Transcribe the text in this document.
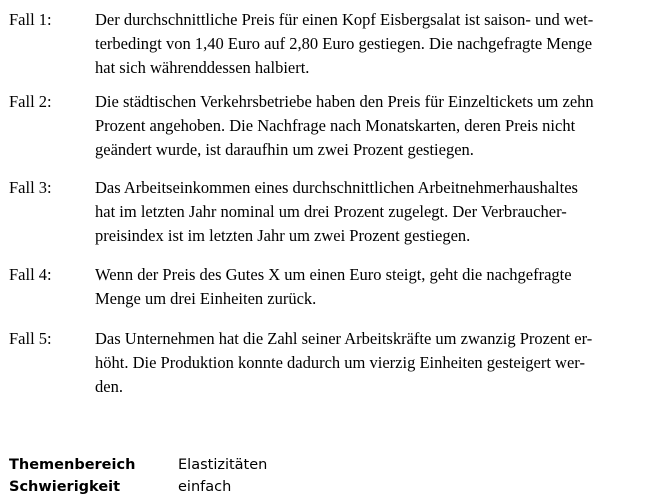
Fall 1:	Der durchschnittliche Preis für einen Kopf Eisbergsalat ist saison- und wet-
terbedingt von 1,40 Euro auf 2,80 Euro gestiegen. Die nachgefragte Menge
hat sich währenddessen halbiert.
Fall 2:	Die städtischen Verkehrsbetriebe haben den Preis für Einzeltickets um zehn
Prozent angehoben. Die Nachfrage nach Monatskarten, deren Preis nicht
geändert wurde, ist daraufhin um zwei Prozent gestiegen.
Fall 3:	Das Arbeitseinkommen eines durchschnittlichen Arbeitnehmerhaushaltes
hat im letzten Jahr nominal um drei Prozent zugelegt. Der Verbraucher-
preisindex ist im letzten Jahr um zwei Prozent gestiegen.
Fall 4:	Wenn der Preis des Gutes X um einen Euro steigt, geht die nachgefragte
Menge um drei Einheiten zurück.
Fall 5:	Das Unternehmen hat die Zahl seiner Arbeitskräfte um zwanzig Prozent er-
höht. Die Produktion konnte dadurch um vierzig Einheiten gesteigert wer-
den.
Themenbereich	Elastizitäten
Schwierigkeit	einfach
